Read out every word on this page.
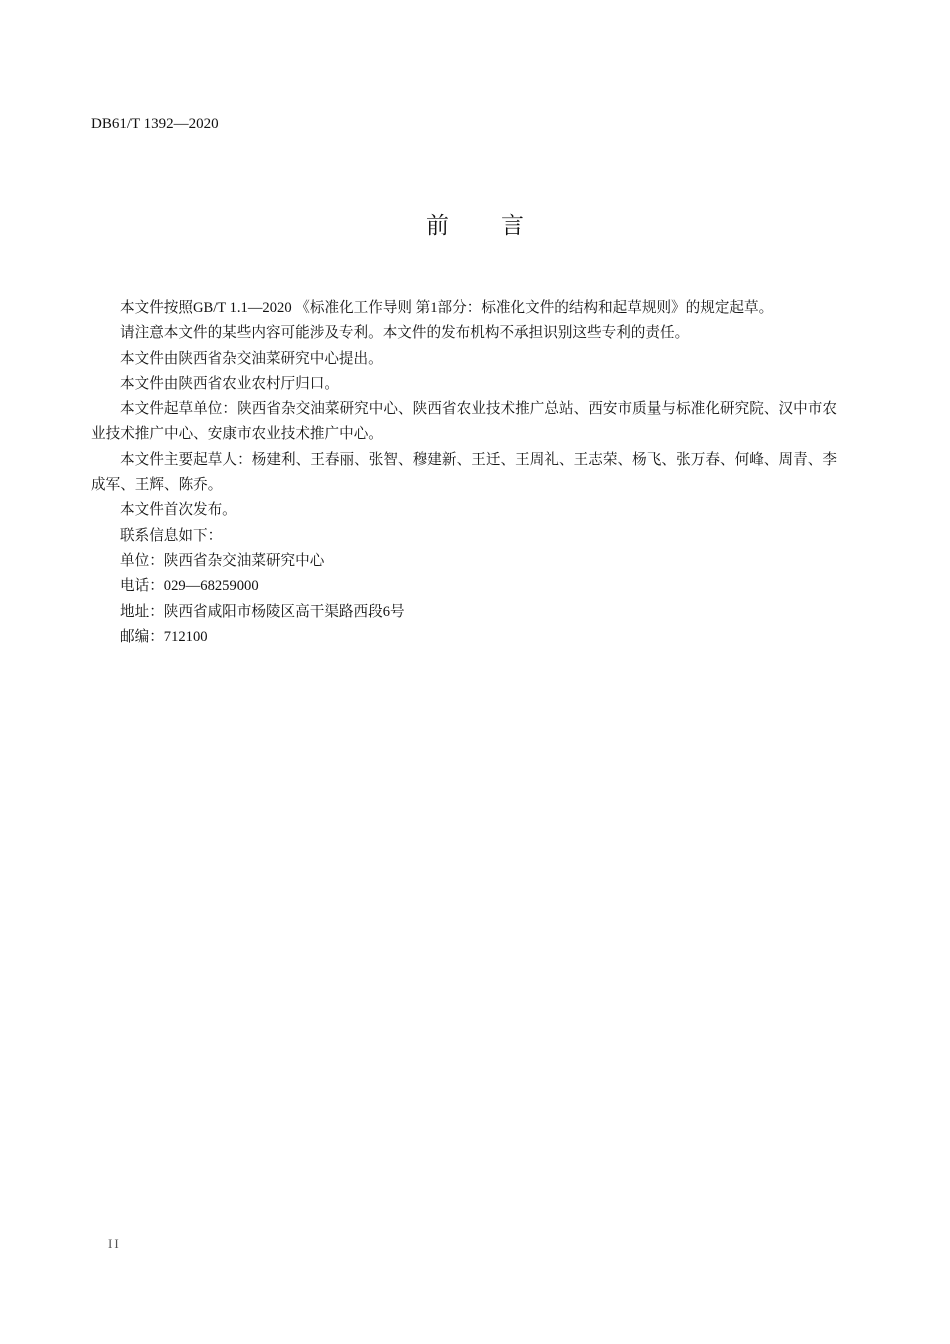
DB61/T 1392—2020
前 言

本文件按照GB/T 1.1—2020 《标准化工作导则 第1部分：标准化文件的结构和起草规则》的规定起草。

请注意本文件的某些内容可能涉及专利。本文件的发布机构不承担识别这些专利的责任。

本文件由陕西省杂交油菜研究中心提出。

本文件由陕西省农业农村厅归口。

本文件起草单位：陕西省杂交油菜研究中心、陕西省农业技术推广总站、西安市质量与标准化研究院、汉中市农业技术推广中心、安康市农业技术推广中心。

本文件主要起草人：杨建利、王春丽、张智、穆建新、王迁、王周礼、王志荣、杨飞、张万春、何峰、周青、李成军、王辉、陈乔。

本文件首次发布。

联系信息如下：

单位：陕西省杂交油菜研究中心

电话：029—68259000

地址：陕西省咸阳市杨陵区高干渠路西段6号

邮编：712100

II
